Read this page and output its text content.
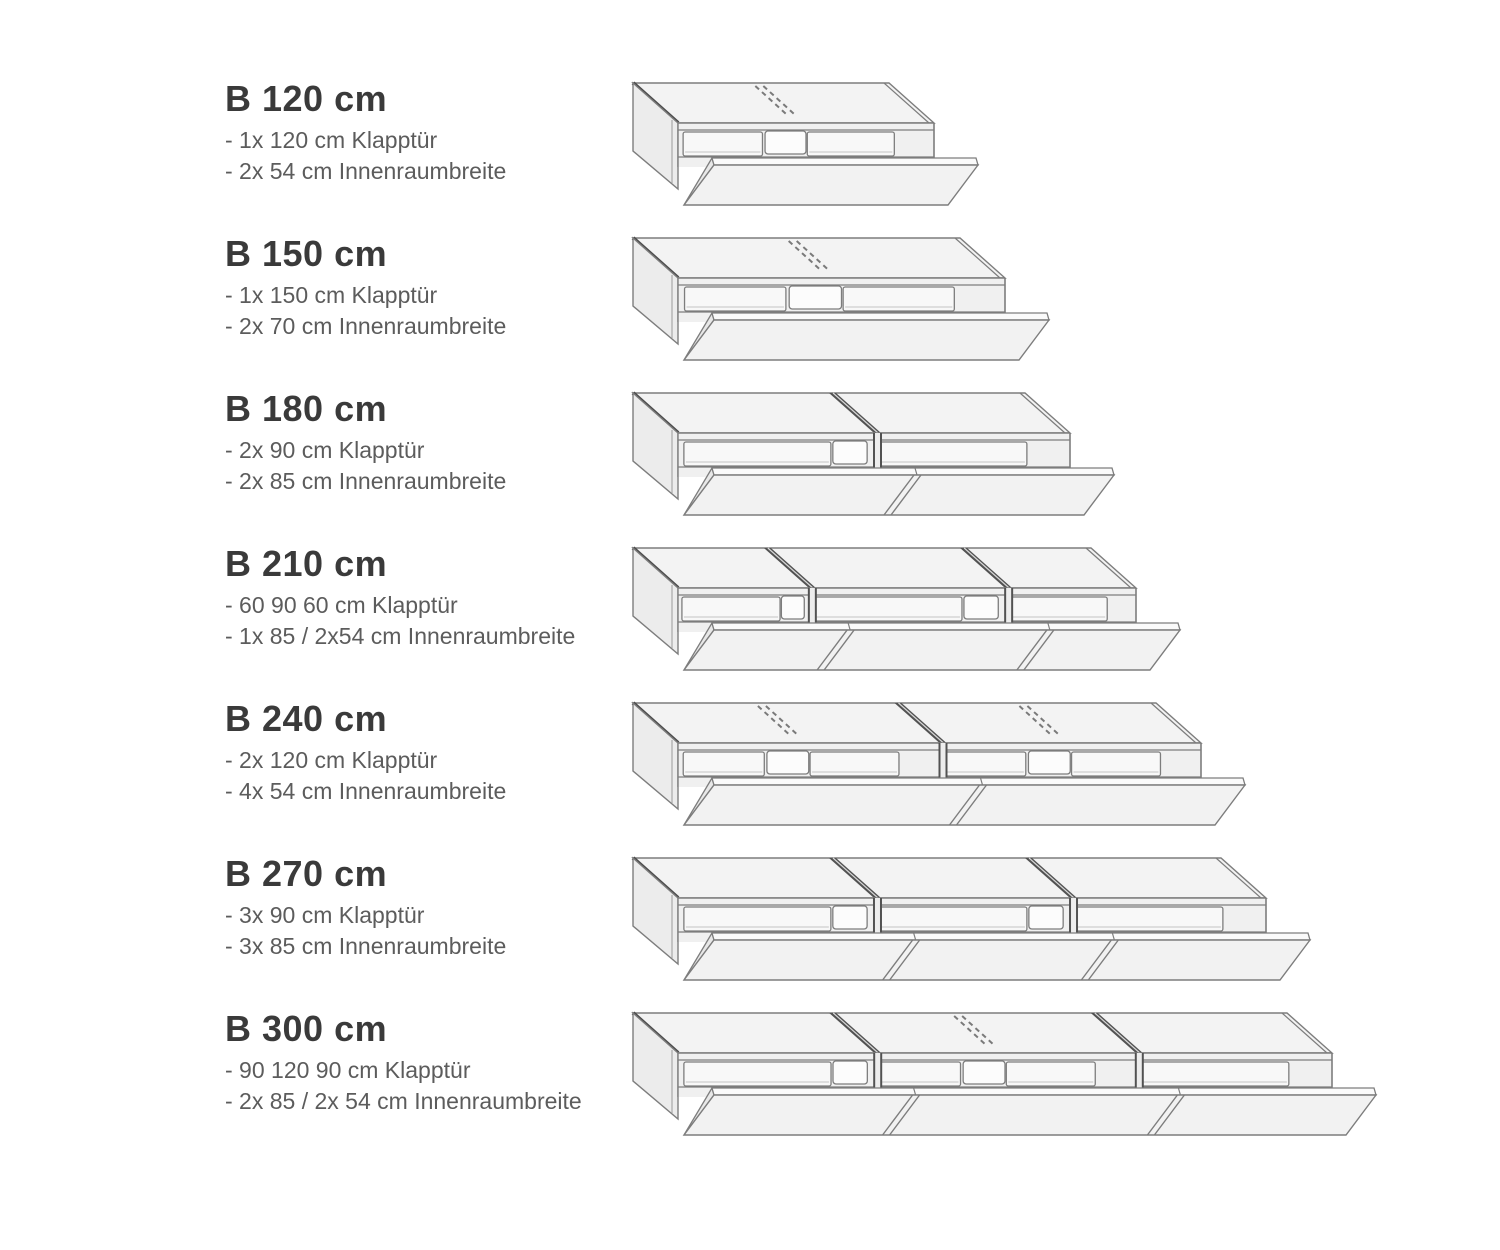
B 120 cm
- 1x 120 cm Klapptür
- 2x 54 cm Innenraumbreite
B 150 cm
- 1x 150 cm Klapptür
- 2x 70 cm Innenraumbreite
B 180 cm
- 2x 90 cm Klapptür
- 2x 85 cm Innenraumbreite
B 210 cm
- 60 90 60 cm Klapptür
- 1x 85 / 2x54 cm Innenraumbreite
B 240 cm
- 2x 120 cm Klapptür
- 4x 54 cm Innenraumbreite
B 270 cm
- 3x 90 cm Klapptür
- 3x 85 cm Innenraumbreite
B 300 cm
- 90 120 90 cm Klapptür
- 2x 85 / 2x 54 cm Innenraumbreite
